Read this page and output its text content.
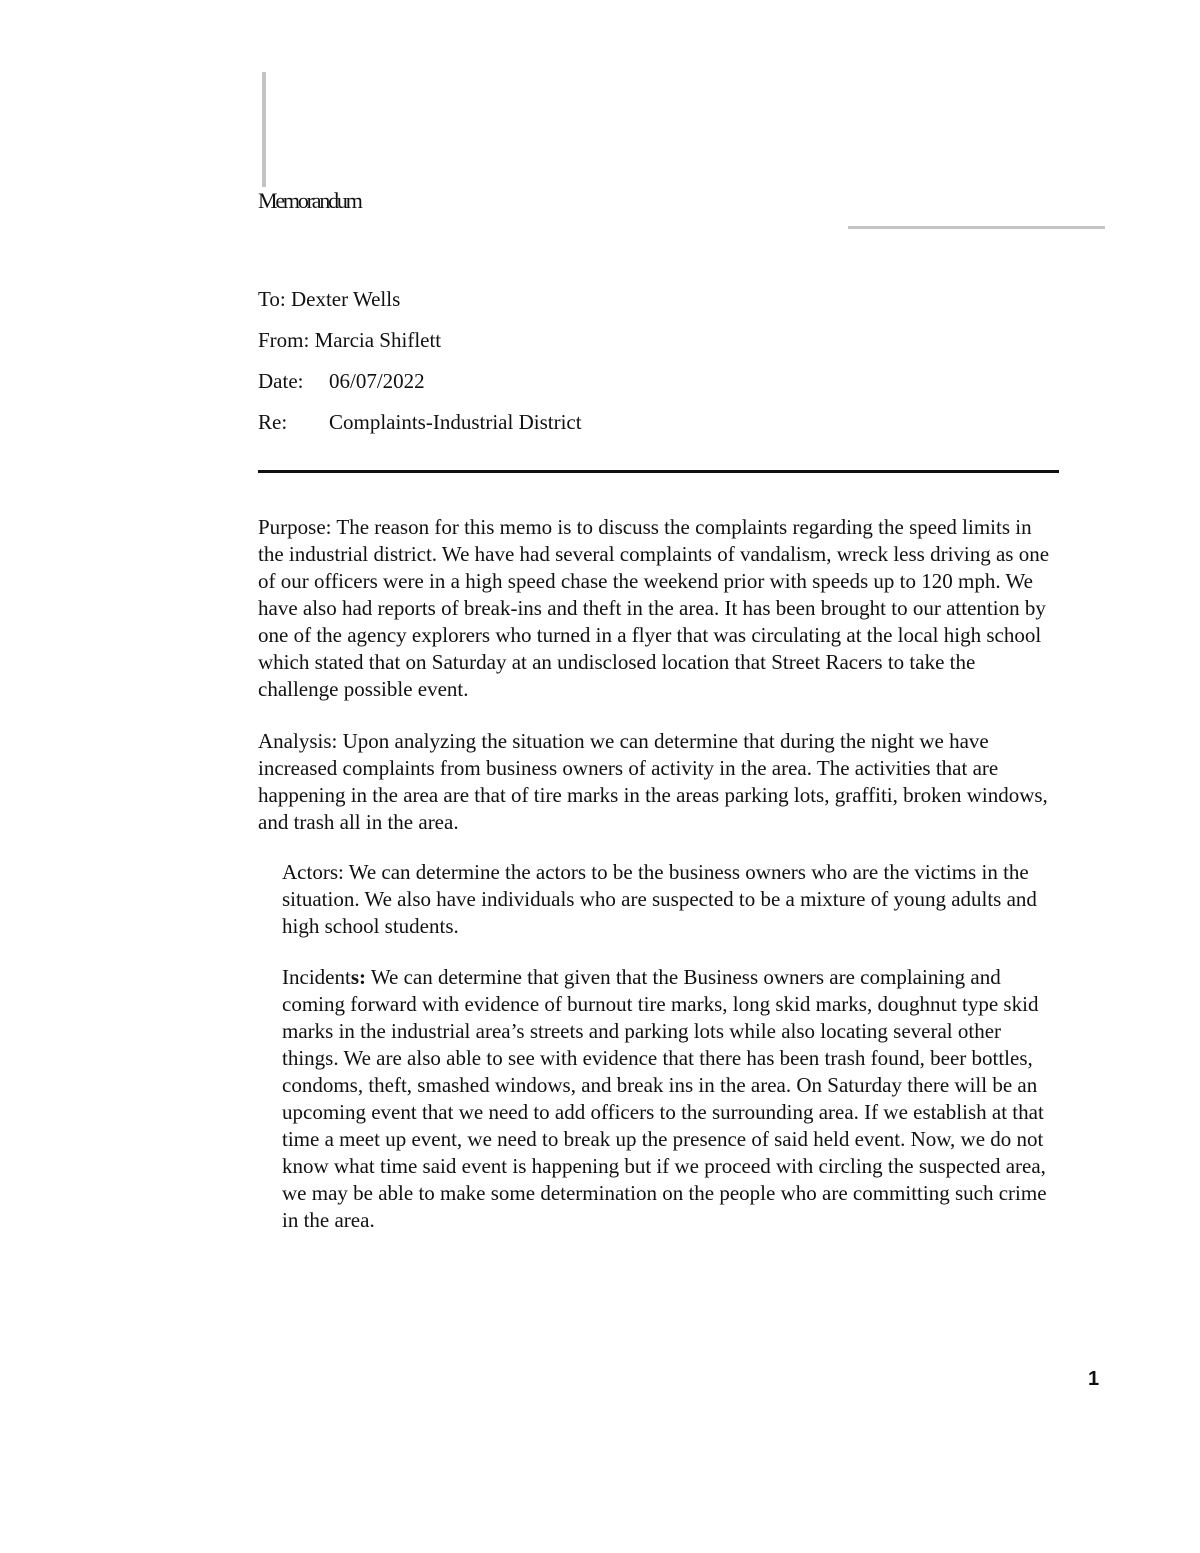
Memorandum
To: Dexter Wells
From: Marcia Shiflett
Date: 06/07/2022
Re: Complaints-Industrial District

Purpose: The reason for this memo is to discuss the complaints regarding the speed limits in the industrial district. We have had several complaints of vandalism, wreck less driving as one of our officers were in a high speed chase the weekend prior with speeds up to 120 mph. We have also had reports of break-ins and theft in the area. It has been brought to our attention by one of the agency explorers who turned in a flyer that was circulating at the local high school which stated that on Saturday at an undisclosed location that Street Racers to take the challenge possible event.

Analysis: Upon analyzing the situation we can determine that during the night we have increased complaints from business owners of activity in the area. The activities that are happening in the area are that of tire marks in the areas parking lots, graffiti, broken windows, and trash all in the area.

Actors: We can determine the actors to be the business owners who are the victims in the situation. We also have individuals who are suspected to be a mixture of young adults and high school students.

Incidents: We can determine that given that the Business owners are complaining and coming forward with evidence of burnout tire marks, long skid marks, doughnut type skid marks in the industrial area’s streets and parking lots while also locating several other things. We are also able to see with evidence that there has been trash found, beer bottles, condoms, theft, smashed windows, and break ins in the area. On Saturday there will be an upcoming event that we need to add officers to the surrounding area. If we establish at that time a meet up event, we need to break up the presence of said held event. Now, we do not know what time said event is happening but if we proceed with circling the suspected area, we may be able to make some determination on the people who are committing such crime in the area.

1
